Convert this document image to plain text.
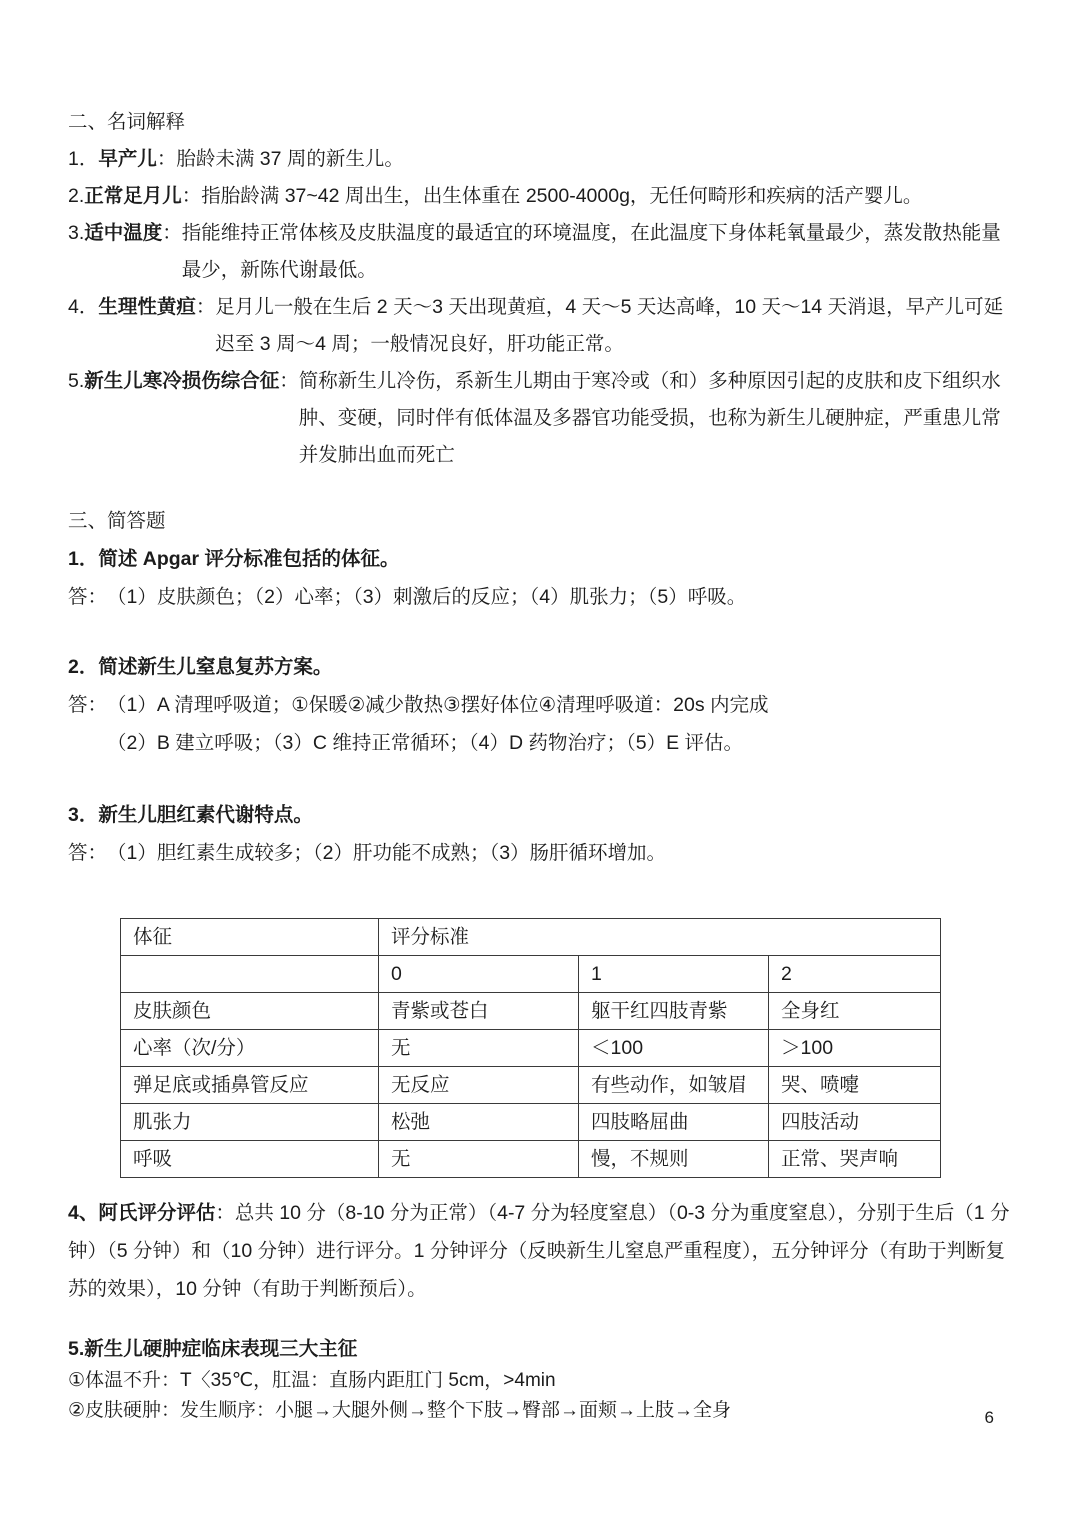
二、名词解释
1．早产儿： 胎龄未满 37 周的新生儿。
2.正常足月儿： 指胎龄满 37~42 周出生，出生体重在 2500-4000g，无任何畸形和疾病的活产婴儿。
3.适中温度： 指能维持正常体核及皮肤温度的最适宜的环境温度，在此温度下身体耗氧量最少，蒸发散热能量最少，新陈代谢最低。
4．生理性黄疸： 足月儿一般在生后 2 天～3 天出现黄疸，4 天～5 天达高峰，10 天～14 天消退，早产儿可延迟至 3 周～4 周；一般情况良好，肝功能正常。
5.新生儿寒冷损伤综合征： 简称新生儿冷伤，系新生儿期由于寒冷或（和）多种原因引起的皮肤和皮下组织水肿、变硬，同时伴有低体温及多器官功能受损，也称为新生儿硬肿症，严重患儿常并发肺出血而死亡
三、简答题
1．简述 Apgar 评分标准包括的体征。
答： （1）皮肤颜色；（2）心率；（3）刺激后的反应；（4）肌张力；（5）呼吸。
2．简述新生儿窒息复苏方案。
答： （1）A 清理呼吸道；①保暖②减少散热③摆好体位④清理呼吸道：20s 内完成
（2）B 建立呼吸；（3）C 维持正常循环；（4）D 药物治疗；（5）E 评估。
3．新生儿胆红素代谢特点。
答： （1）胆红素生成较多；（2）肝功能不成熟；（3）肠肝循环增加。
体征	评分标准		
	0	1	2
皮肤颜色	青紫或苍白	躯干红四肢青紫	全身红
心率（次/分）	无	＜100	＞100
弹足底或插鼻管反应	无反应	有些动作，如皱眉	哭、喷嚏
肌张力	松弛	四肢略屈曲	四肢活动
呼吸	无	慢，不规则	正常、哭声响
4、阿氏评分评估：总共 10 分（8-10 分为正常）（4-7 分为轻度窒息）（0-3 分为重度窒息），分别于生后（1 分钟）（5 分钟）和（10 分钟）进行评分。1 分钟评分（反映新生儿窒息严重程度），五分钟评分（有助于判断复苏的效果），10 分钟（有助于判断预后）。
5.新生儿硬肿症临床表现三大主征
①体温不升：T〈35℃，肛温：直肠内距肛门 5cm，>4min
②皮肤硬肿：发生顺序：小腿→大腿外侧→整个下肢→臀部→面颊→上肢→全身	6
